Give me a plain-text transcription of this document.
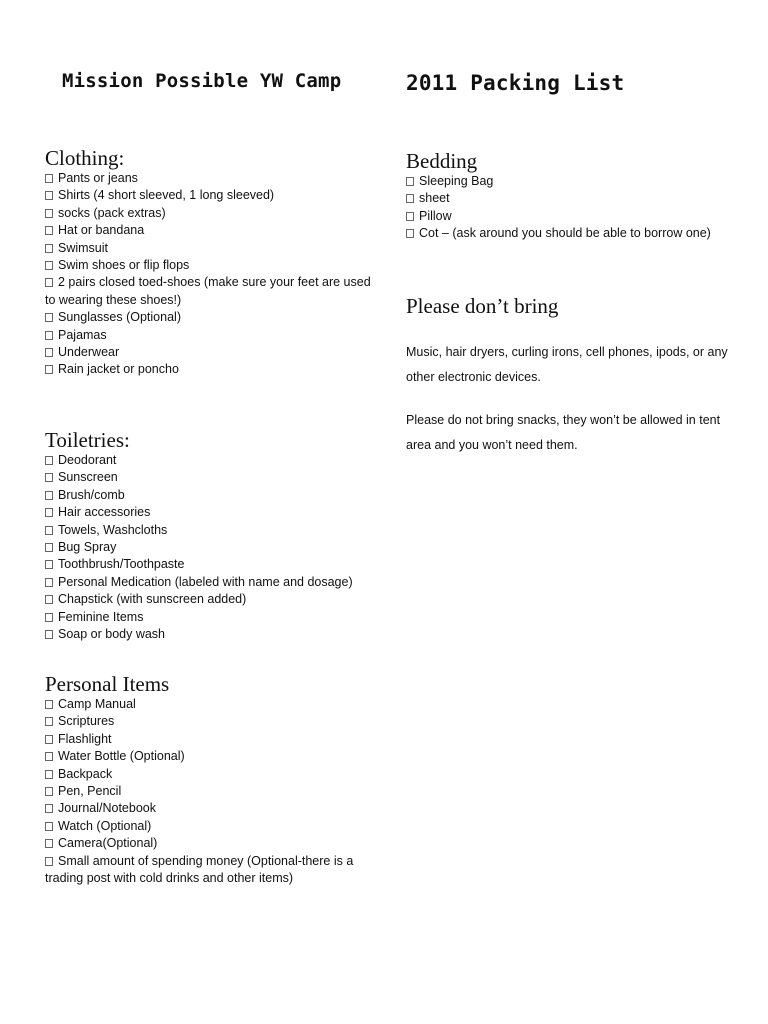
Mission Possible YW Camp	2011 Packing List
Clothing:
Pants or jeans
Shirts (4 short sleeved, 1 long sleeved)
socks (pack extras)
Hat or bandana
Swimsuit
Swim shoes or flip flops
2 pairs closed toed-shoes (make sure your feet are used to wearing these shoes!)
Sunglasses (Optional)
Pajamas
Underwear
Rain jacket or poncho
Toiletries:
Deodorant
Sunscreen
Brush/comb
Hair accessories
Towels, Washcloths
Bug Spray
Toothbrush/Toothpaste
Personal Medication (labeled with name and dosage)
Chapstick (with sunscreen added)
Feminine Items
Soap or body wash
Personal Items
Camp Manual
Scriptures
Flashlight
Water Bottle (Optional)
Backpack
Pen, Pencil
Journal/Notebook
Watch (Optional)
Camera(Optional)
Small amount of spending money (Optional-there is a trading post with cold drinks and other items)
Bedding
Sleeping Bag
sheet
Pillow
Cot – (ask around you should be able to borrow one)
Please don’t bring

Music, hair dryers, curling irons, cell phones, ipods, or any other electronic devices.

Please do not bring snacks, they won’t be allowed in tent area and you won’t need them.
